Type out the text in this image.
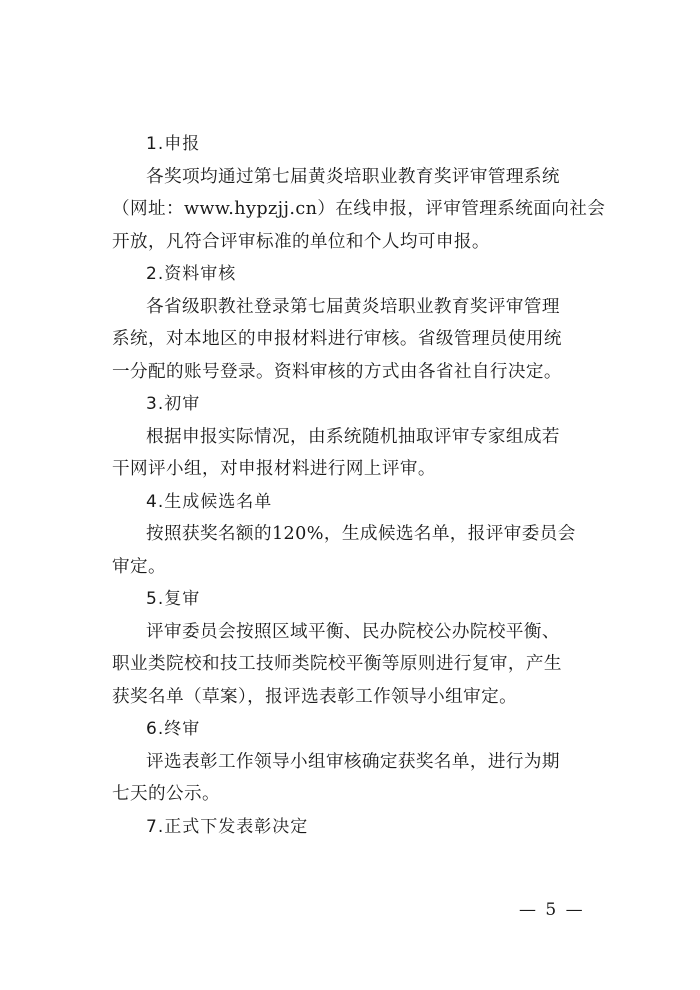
1.申报

各奖项均通过第七届黄炎培职业教育奖评审管理系统
（网址：www.hypzjj.cn）在线申报，评审管理系统面向社会
开放，凡符合评审标准的单位和个人均可申报。

2.资料审核

各省级职教社登录第七届黄炎培职业教育奖评审管理
系统，对本地区的申报材料进行审核。省级管理员使用统
一分配的账号登录。资料审核的方式由各省社自行决定。

3.初审

根据申报实际情况，由系统随机抽取评审专家组成若
干网评小组，对申报材料进行网上评审。

4.生成候选名单

按照获奖名额的120%，生成候选名单，报评审委员会
审定。

5.复审

评审委员会按照区域平衡、民办院校公办院校平衡、
职业类院校和技工技师类院校平衡等原则进行复审，产生
获奖名单（草案），报评选表彰工作领导小组审定。

6.终审

评选表彰工作领导小组审核确定获奖名单，进行为期
七天的公示。

7.正式下发表彰决定

— 5 —
